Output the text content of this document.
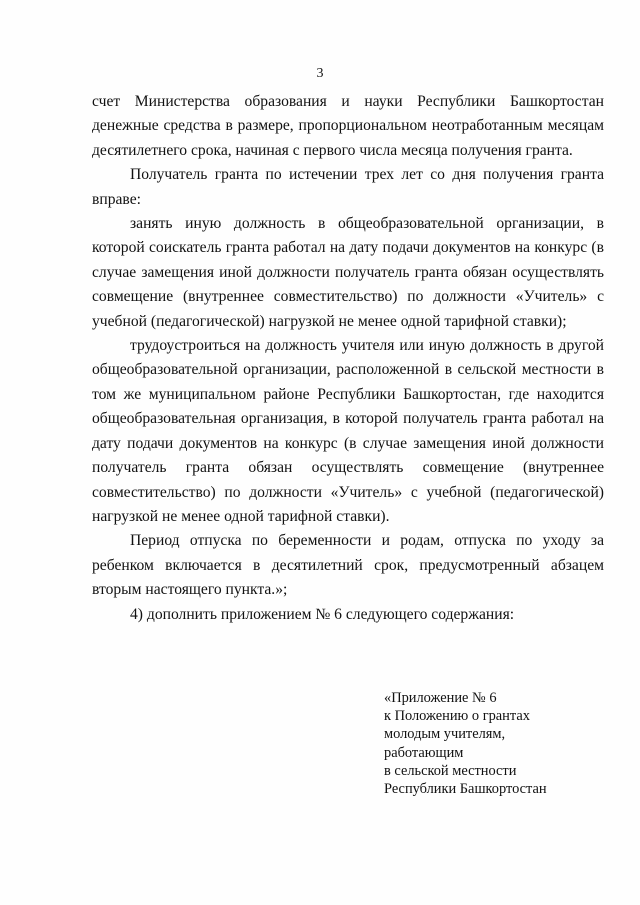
3

счет Министерства образования и науки Республики Башкортостан денежные средства в размере, пропорциональном неотработанным месяцам десятилетнего срока, начиная с первого числа месяца получения гранта.

Получатель гранта по истечении трех лет со дня получения гранта вправе:

занять иную должность в общеобразовательной организации, в которой соискатель гранта работал на дату подачи документов на конкурс (в случае замещения иной должности получатель гранта обязан осуществлять совмещение (внутреннее совместительство) по должности «Учитель» с учебной (педагогической) нагрузкой не менее одной тарифной ставки);

трудоустроиться на должность учителя или иную должность в другой общеобразовательной организации, расположенной в сельской местности в том же муниципальном районе Республики Башкортостан, где находится общеобразовательная организация, в которой получатель гранта работал на дату подачи документов на конкурс (в случае замещения иной должности получатель гранта обязан осуществлять совмещение (внутреннее совместительство) по должности «Учитель» с учебной (педагогической) нагрузкой не менее одной тарифной ставки).

Период отпуска по беременности и родам, отпуска по уходу за ребенком включается в десятилетний срок, предусмотренный абзацем вторым настоящего пункта.»;

4) дополнить приложением № 6 следующего содержания:

«Приложение № 6
к Положению о грантах
молодым учителям,
работающим
в сельской местности
Республики Башкортостан
